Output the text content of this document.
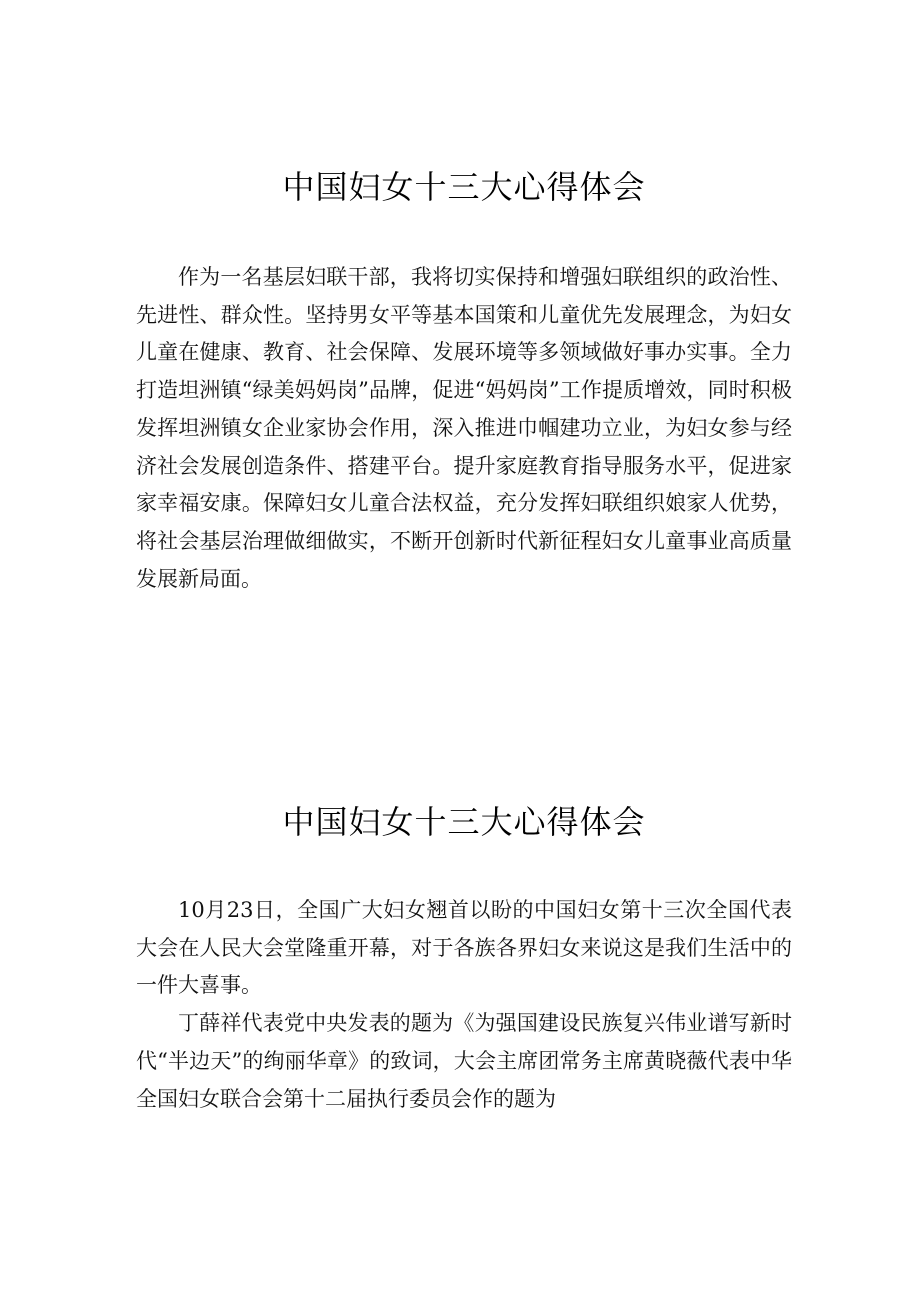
中国妇女十三大心得体会

作为一名基层妇联干部，我将切实保持和增强妇联组织的政治性、先进性、群众性。坚持男女平等基本国策和儿童优先发展理念，为妇女儿童在健康、教育、社会保障、发展环境等多领域做好事办实事。全力打造坦洲镇“绿美妈妈岗”品牌，促进“妈妈岗”工作提质增效，同时积极发挥坦洲镇女企业家协会作用，深入推进巾帼建功立业，为妇女参与经济社会发展创造条件、搭建平台。提升家庭教育指导服务水平，促进家家幸福安康。保障妇女儿童合法权益，充分发挥妇联组织娘家人优势，将社会基层治理做细做实，不断开创新时代新征程妇女儿童事业高质量发展新局面。

中国妇女十三大心得体会

10月23日，全国广大妇女翘首以盼的中国妇女第十三次全国代表大会在人民大会堂隆重开幕，对于各族各界妇女来说这是我们生活中的一件大喜事。

丁薛祥代表党中央发表的题为《为强国建设民族复兴伟业谱写新时代“半边天”的绚丽华章》的致词，大会主席团常务主席黄晓薇代表中华全国妇女联合会第十二届执行委员会作的题为
